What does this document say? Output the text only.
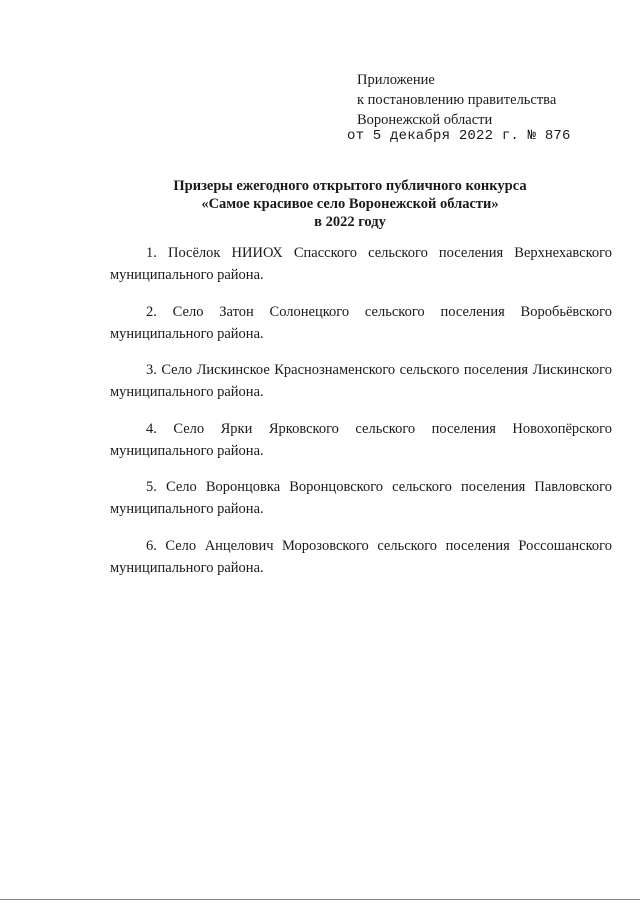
Приложение
к постановлению правительства
Воронежской области
от 5 декабря 2022 г. № 876
Призеры ежегодного открытого публичного конкурса
«Самое красивое село Воронежской области»
в 2022 году

1. Посёлок НИИОХ Спасского сельского поселения Верхнехавского муниципального района.

2. Село Затон Солонецкого сельского поселения Воробьёвского муниципального района.

3. Село Лискинское Краснознаменского сельского поселения Лискинского муниципального района.

4. Село Ярки Ярковского сельского поселения Новохопёрского муниципального района.

5. Село Воронцовка Воронцовского сельского поселения Павловского муниципального района.

6. Село Анцелович Морозовского сельского поселения Россошанского муниципального района.
